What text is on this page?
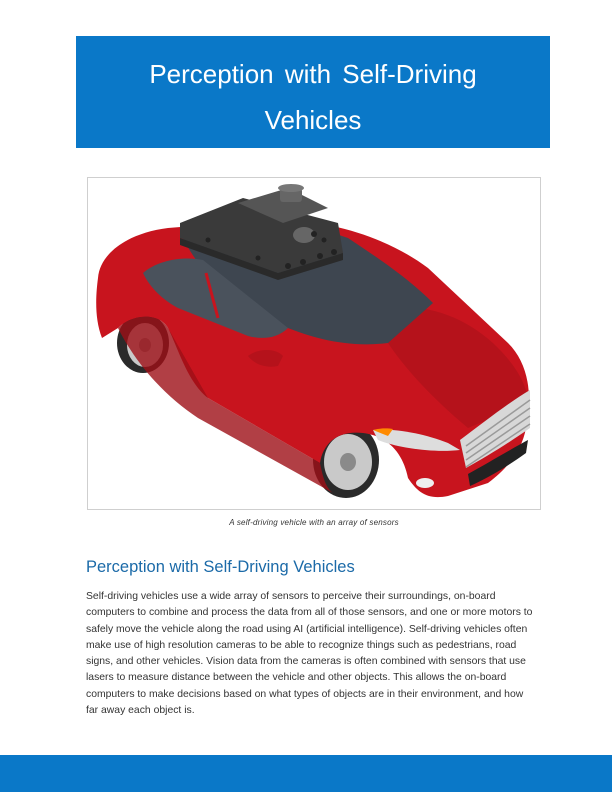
Perception with Self-Driving
Vehicles
A self-driving vehicle with an array of sensors
Perception with Self-Driving Vehicles

Self-driving vehicles use a wide array of sensors to perceive their surroundings, on-board computers to combine and process the data from all of those sensors, and one or more motors to safely move the vehicle along the road using AI (artificial intelligence). Self-driving vehicles often make use of high resolution cameras to be able to recognize things such as pedestrians, road signs, and other vehicles. Vision data from the cameras is often combined with sensors that use lasers to measure distance between the vehicle and other objects. This allows the on-board computers to make decisions based on what types of objects are in their environment, and how far away each object is.
